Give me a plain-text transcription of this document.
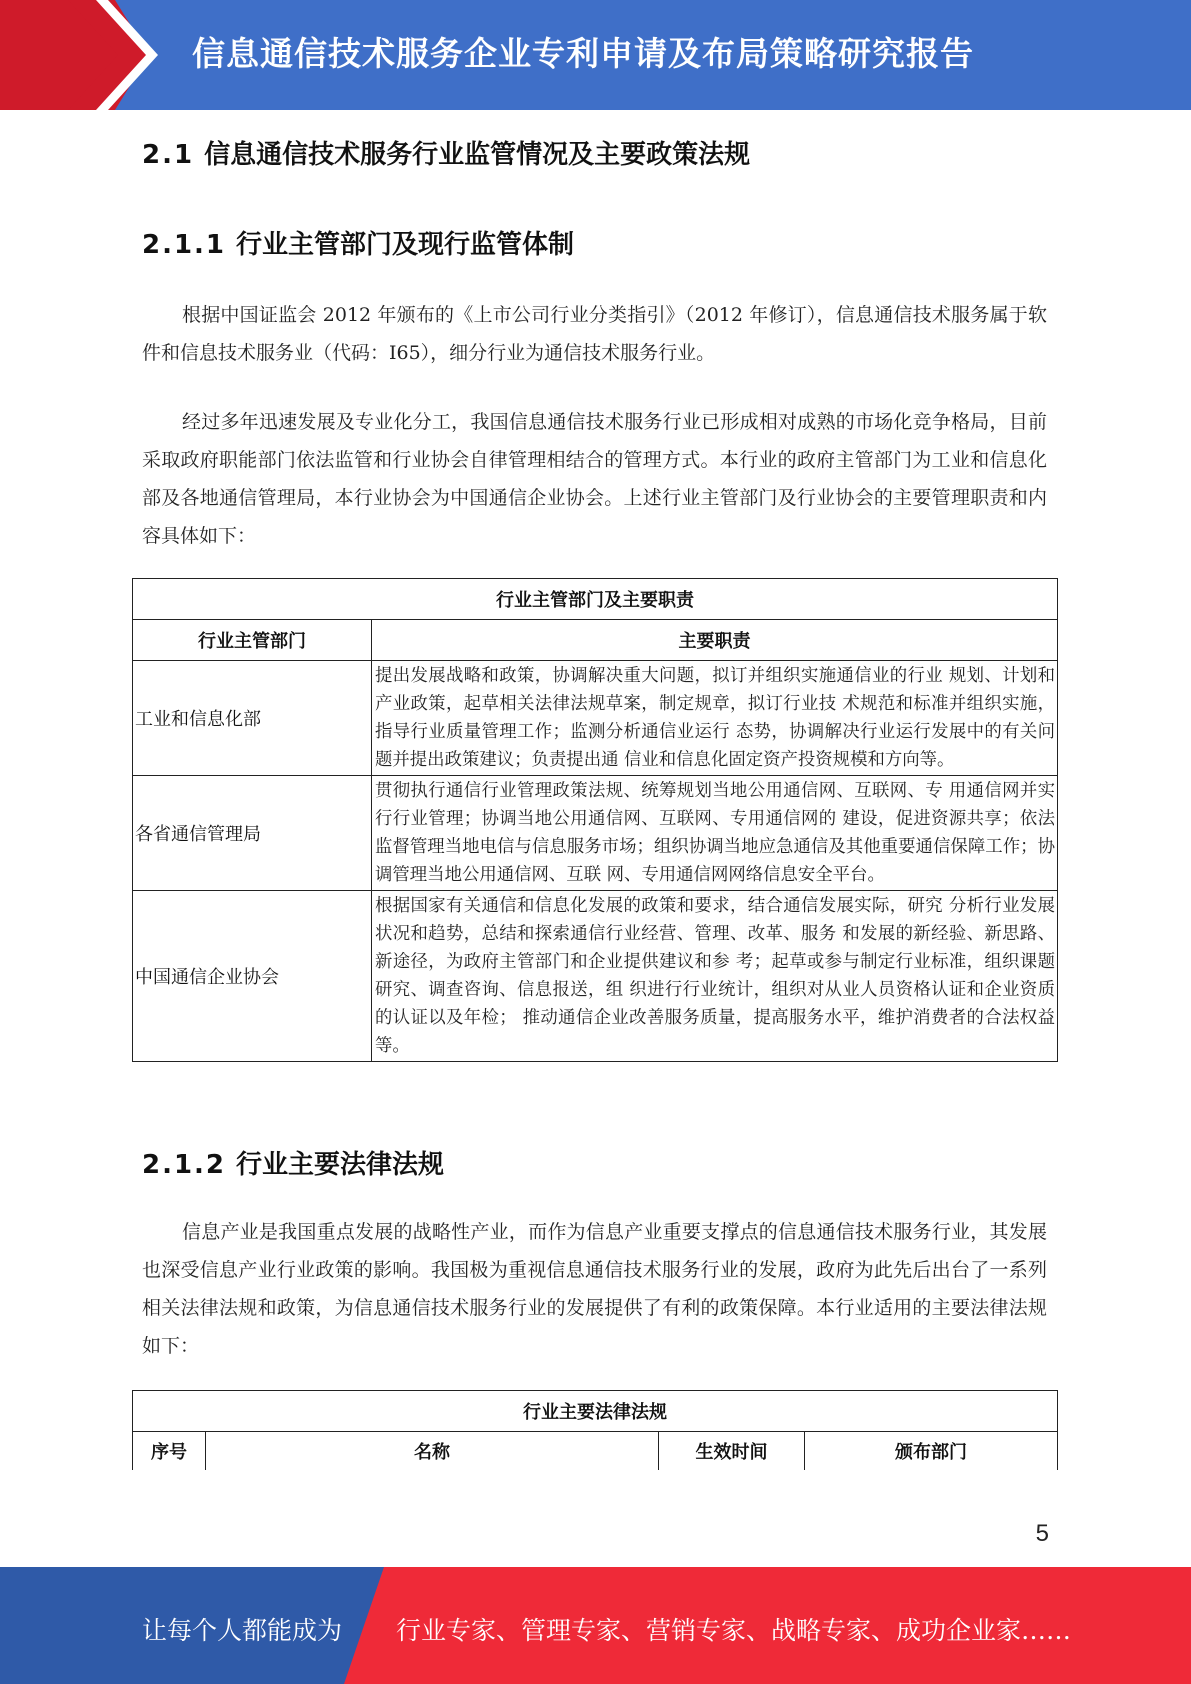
信息通信技术服务企业专利申请及布局策略研究报告
2.1 信息通信技术服务行业监管情况及主要政策法规
2.1.1 行业主管部门及现行监管体制
根据中国证监会 2012 年颁布的《上市公司行业分类指引》（2012 年修订），信息通信技术服务属于软件和信息技术服务业（代码：I65），细分行业为通信技术服务行业。
经过多年迅速发展及专业化分工，我国信息通信技术服务行业已形成相对成熟的市场化竞争格局，目前采取政府职能部门依法监管和行业协会自律管理相结合的管理方式。本行业的政府主管部门为工业和信息化部及各地通信管理局，本行业协会为中国通信企业协会。上述行业主管部门及行业协会的主要管理职责和内容具体如下：
行业主管部门及主要职责	
行业主管部门	主要职责
工业和信息化部	提出发展战略和政策，协调解决重大问题，拟订并组织实施通信业的行业 规划、计划和产业政策，起草相关法律法规草案，制定规章，拟订行业技 术规范和标准并组织实施，指导行业质量管理工作；监测分析通信业运行 态势，协调解决行业运行发展中的有关问题并提出政策建议；负责提出通 信业和信息化固定资产投资规模和方向等。
各省通信管理局	贯彻执行通信行业管理政策法规、统筹规划当地公用通信网、互联网、专 用通信网并实行行业管理；协调当地公用通信网、互联网、专用通信网的 建设，促进资源共享；依法监督管理当地电信与信息服务市场；组织协调当地应急通信及其他重要通信保障工作；协调管理当地公用通信网、互联 网、专用通信网网络信息安全平台。
中国通信企业协会	根据国家有关通信和信息化发展的政策和要求，结合通信发展实际，研究 分析行业发展状况和趋势，总结和探索通信行业经营、管理、改革、服务 和发展的新经验、新思路、新途径，为政府主管部门和企业提供建议和参 考；起草或参与制定行业标准，组织课题研究、调查咨询、信息报送，组 织进行行业统计，组织对从业人员资格认证和企业资质的认证以及年检； 推动通信企业改善服务质量，提高服务水平，维护消费者的合法权益等。
2.1.2 行业主要法律法规
信息产业是我国重点发展的战略性产业，而作为信息产业重要支撑点的信息通信技术服务行业，其发展也深受信息产业行业政策的影响。我国极为重视信息通信技术服务行业的发展，政府为此先后出台了一系列相关法律法规和政策，为信息通信技术服务行业的发展提供了有利的政策保障。本行业适用的主要法律法规如下：
行业主要法律法规
序号	名称	生效时间	颁布部门
5
让每个人都能成为 行业专家、管理专家、营销专家、战略专家、成功企业家……
